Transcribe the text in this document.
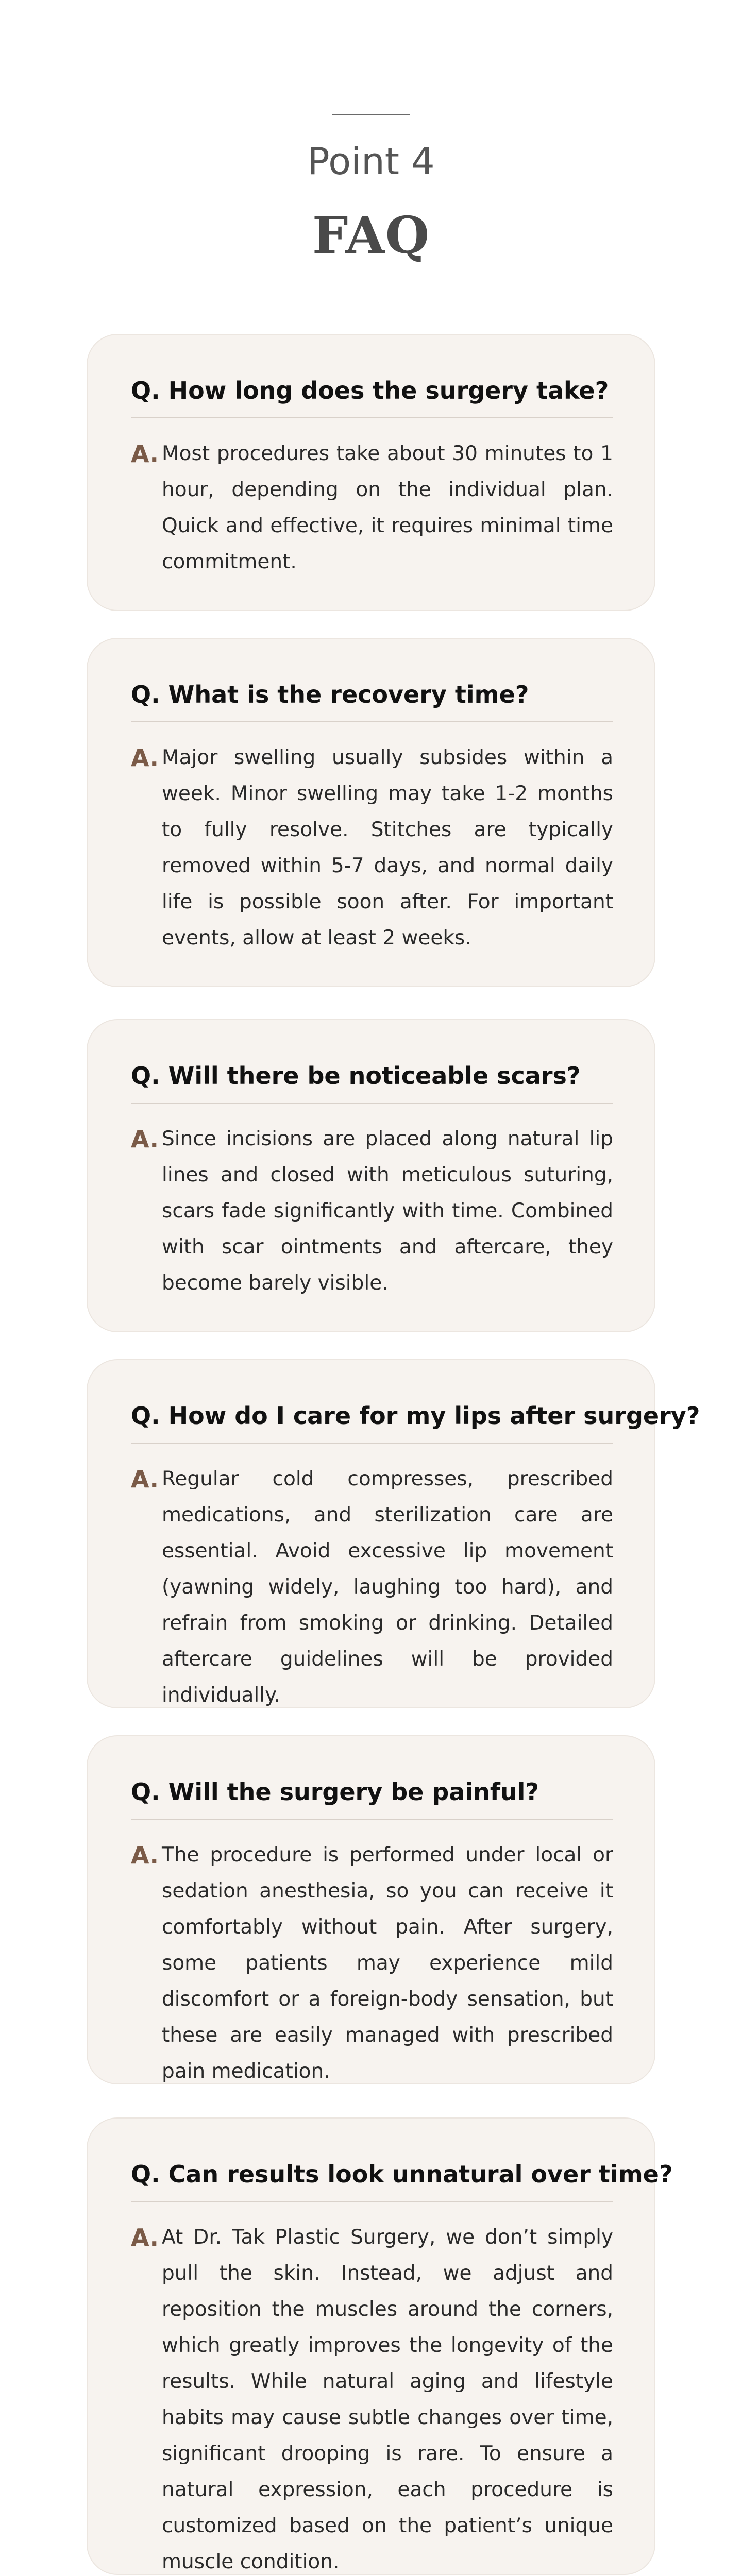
Point 4
FAQ
Q. How long does the surgery take?
A. Most procedures take about 30 minutes to 1 hour, depending on the individual plan. Quick and effective, it requires minimal time commitment.
Q. What is the recovery time?
A. Major swelling usually subsides within a week. Minor swelling may take 1-2 months to fully resolve. Stitches are typically removed within 5-7 days, and normal daily life is possible soon after. For important events, allow at least 2 weeks.
Q. Will there be noticeable scars?
A. Since incisions are placed along natural lip lines and closed with meticulous suturing, scars fade significantly with time. Combined with scar ointments and aftercare, they become barely visible.
Q. How do I care for my lips after surgery?
A. Regular cold compresses, prescribed medications, and sterilization care are essential. Avoid excessive lip movement (yawning widely, laughing too hard), and refrain from smoking or drinking. Detailed aftercare guidelines will be provided individually.
Q. Will the surgery be painful?
A. The procedure is performed under local or sedation anesthesia, so you can receive it comfortably without pain. After surgery, some patients may experience mild discomfort or a foreign-body sensation, but these are easily managed with prescribed pain medication.
Q. Can results look unnatural over time?
A. At Dr. Tak Plastic Surgery, we don’t simply pull the skin. Instead, we adjust and reposition the muscles around the corners, which greatly improves the longevity of the results. While natural aging and lifestyle habits may cause subtle changes over time, significant drooping is rare. To ensure a natural expression, each procedure is customized based on the patient’s unique muscle condition.
